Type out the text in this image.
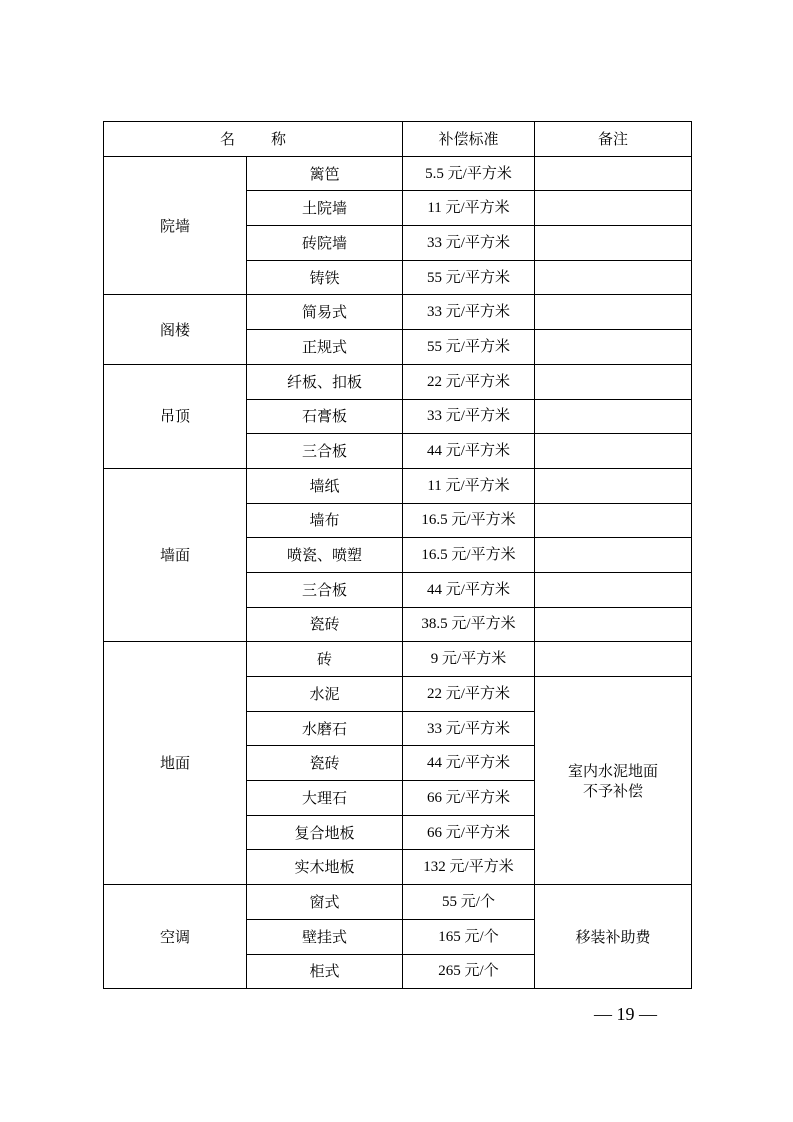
名 称		补偿标准	备注
院墙	篱笆	5.5 元/平方米	
	土院墙	11 元/平方米	
	砖院墙	33 元/平方米	
	铸铁	55 元/平方米	
阁楼	简易式	33 元/平方米	
	正规式	55 元/平方米	
吊顶	纤板、扣板	22 元/平方米	
	石膏板	33 元/平方米	
	三合板	44 元/平方米	
墙面	墙纸	11 元/平方米	
	墙布	16.5 元/平方米	
	喷瓷、喷塑	16.5 元/平方米	
	三合板	44 元/平方米	
	瓷砖	38.5 元/平方米	
地面	砖	9 元/平方米	
	水泥	22 元/平方米	室内水泥地面
不予补偿
	水磨石	33 元/平方米	
	瓷砖	44 元/平方米	
	大理石	66 元/平方米	
	复合地板	66 元/平方米	
	实木地板	132 元/平方米	
空调	窗式	55 元/个	移装补助费
	壁挂式	165 元/个	
	柜式	265 元/个	
— 19 —
